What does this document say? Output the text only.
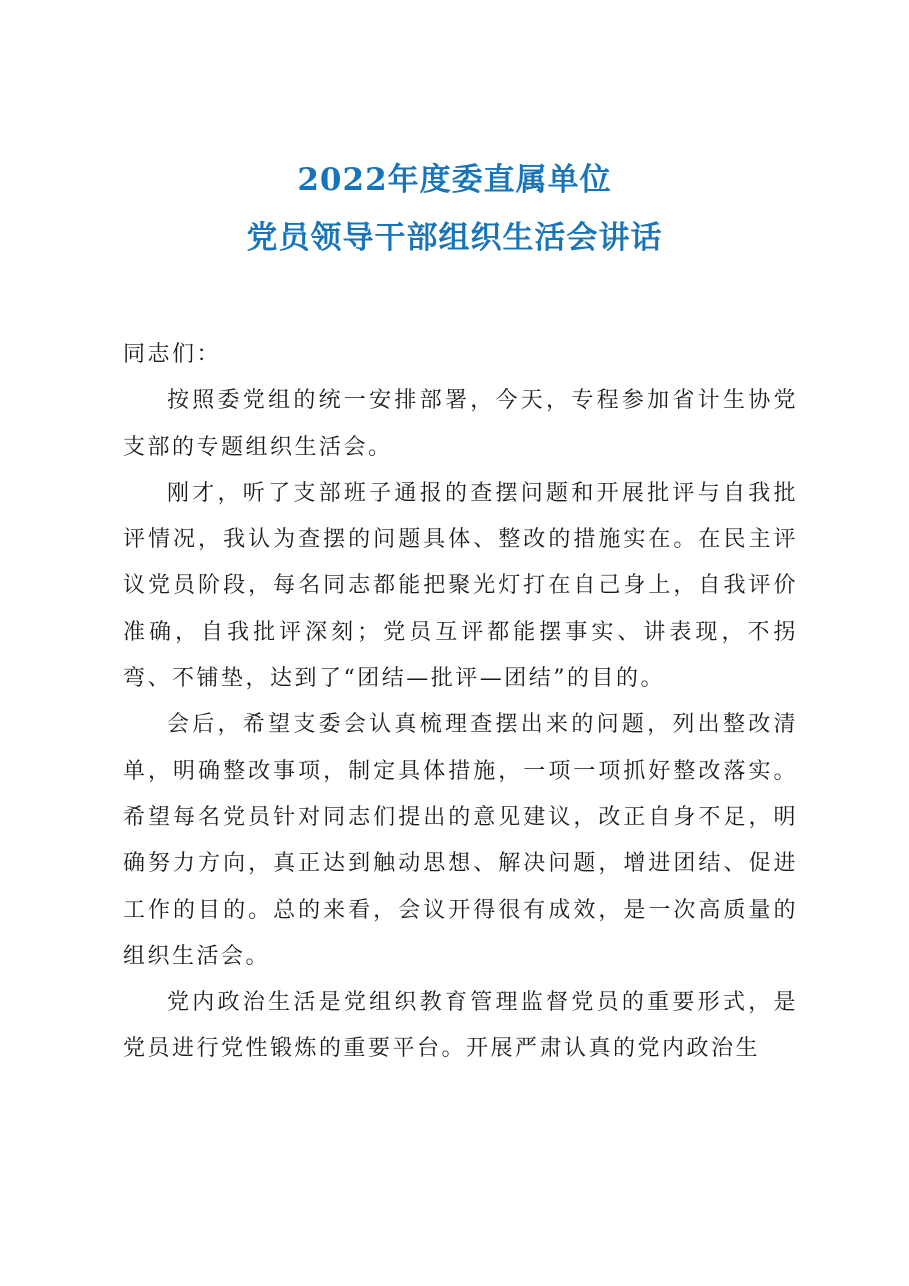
2022年度委直属单位
党员领导干部组织生活会讲话

同志们：

按照委党组的统一安排部署，今天，专程参加省计生协党支部的专题组织生活会。

刚才，听了支部班子通报的查摆问题和开展批评与自我批评情况，我认为查摆的问题具体、整改的措施实在。在民主评议党员阶段，每名同志都能把聚光灯打在自己身上，自我评价准确，自我批评深刻；党员互评都能摆事实、讲表现，不拐弯、不铺垫，达到了“团结—批评—团结”的目的。

会后，希望支委会认真梳理查摆出来的问题，列出整改清单，明确整改事项，制定具体措施，一项一项抓好整改落实。希望每名党员针对同志们提出的意见建议，改正自身不足，明确努力方向，真正达到触动思想、解决问题，增进团结、促进工作的目的。总的来看，会议开得很有成效，是一次高质量的组织生活会。

党内政治生活是党组织教育管理监督党员的重要形式，是党员进行党性锻炼的重要平台。开展严肃认真的党内政治生
